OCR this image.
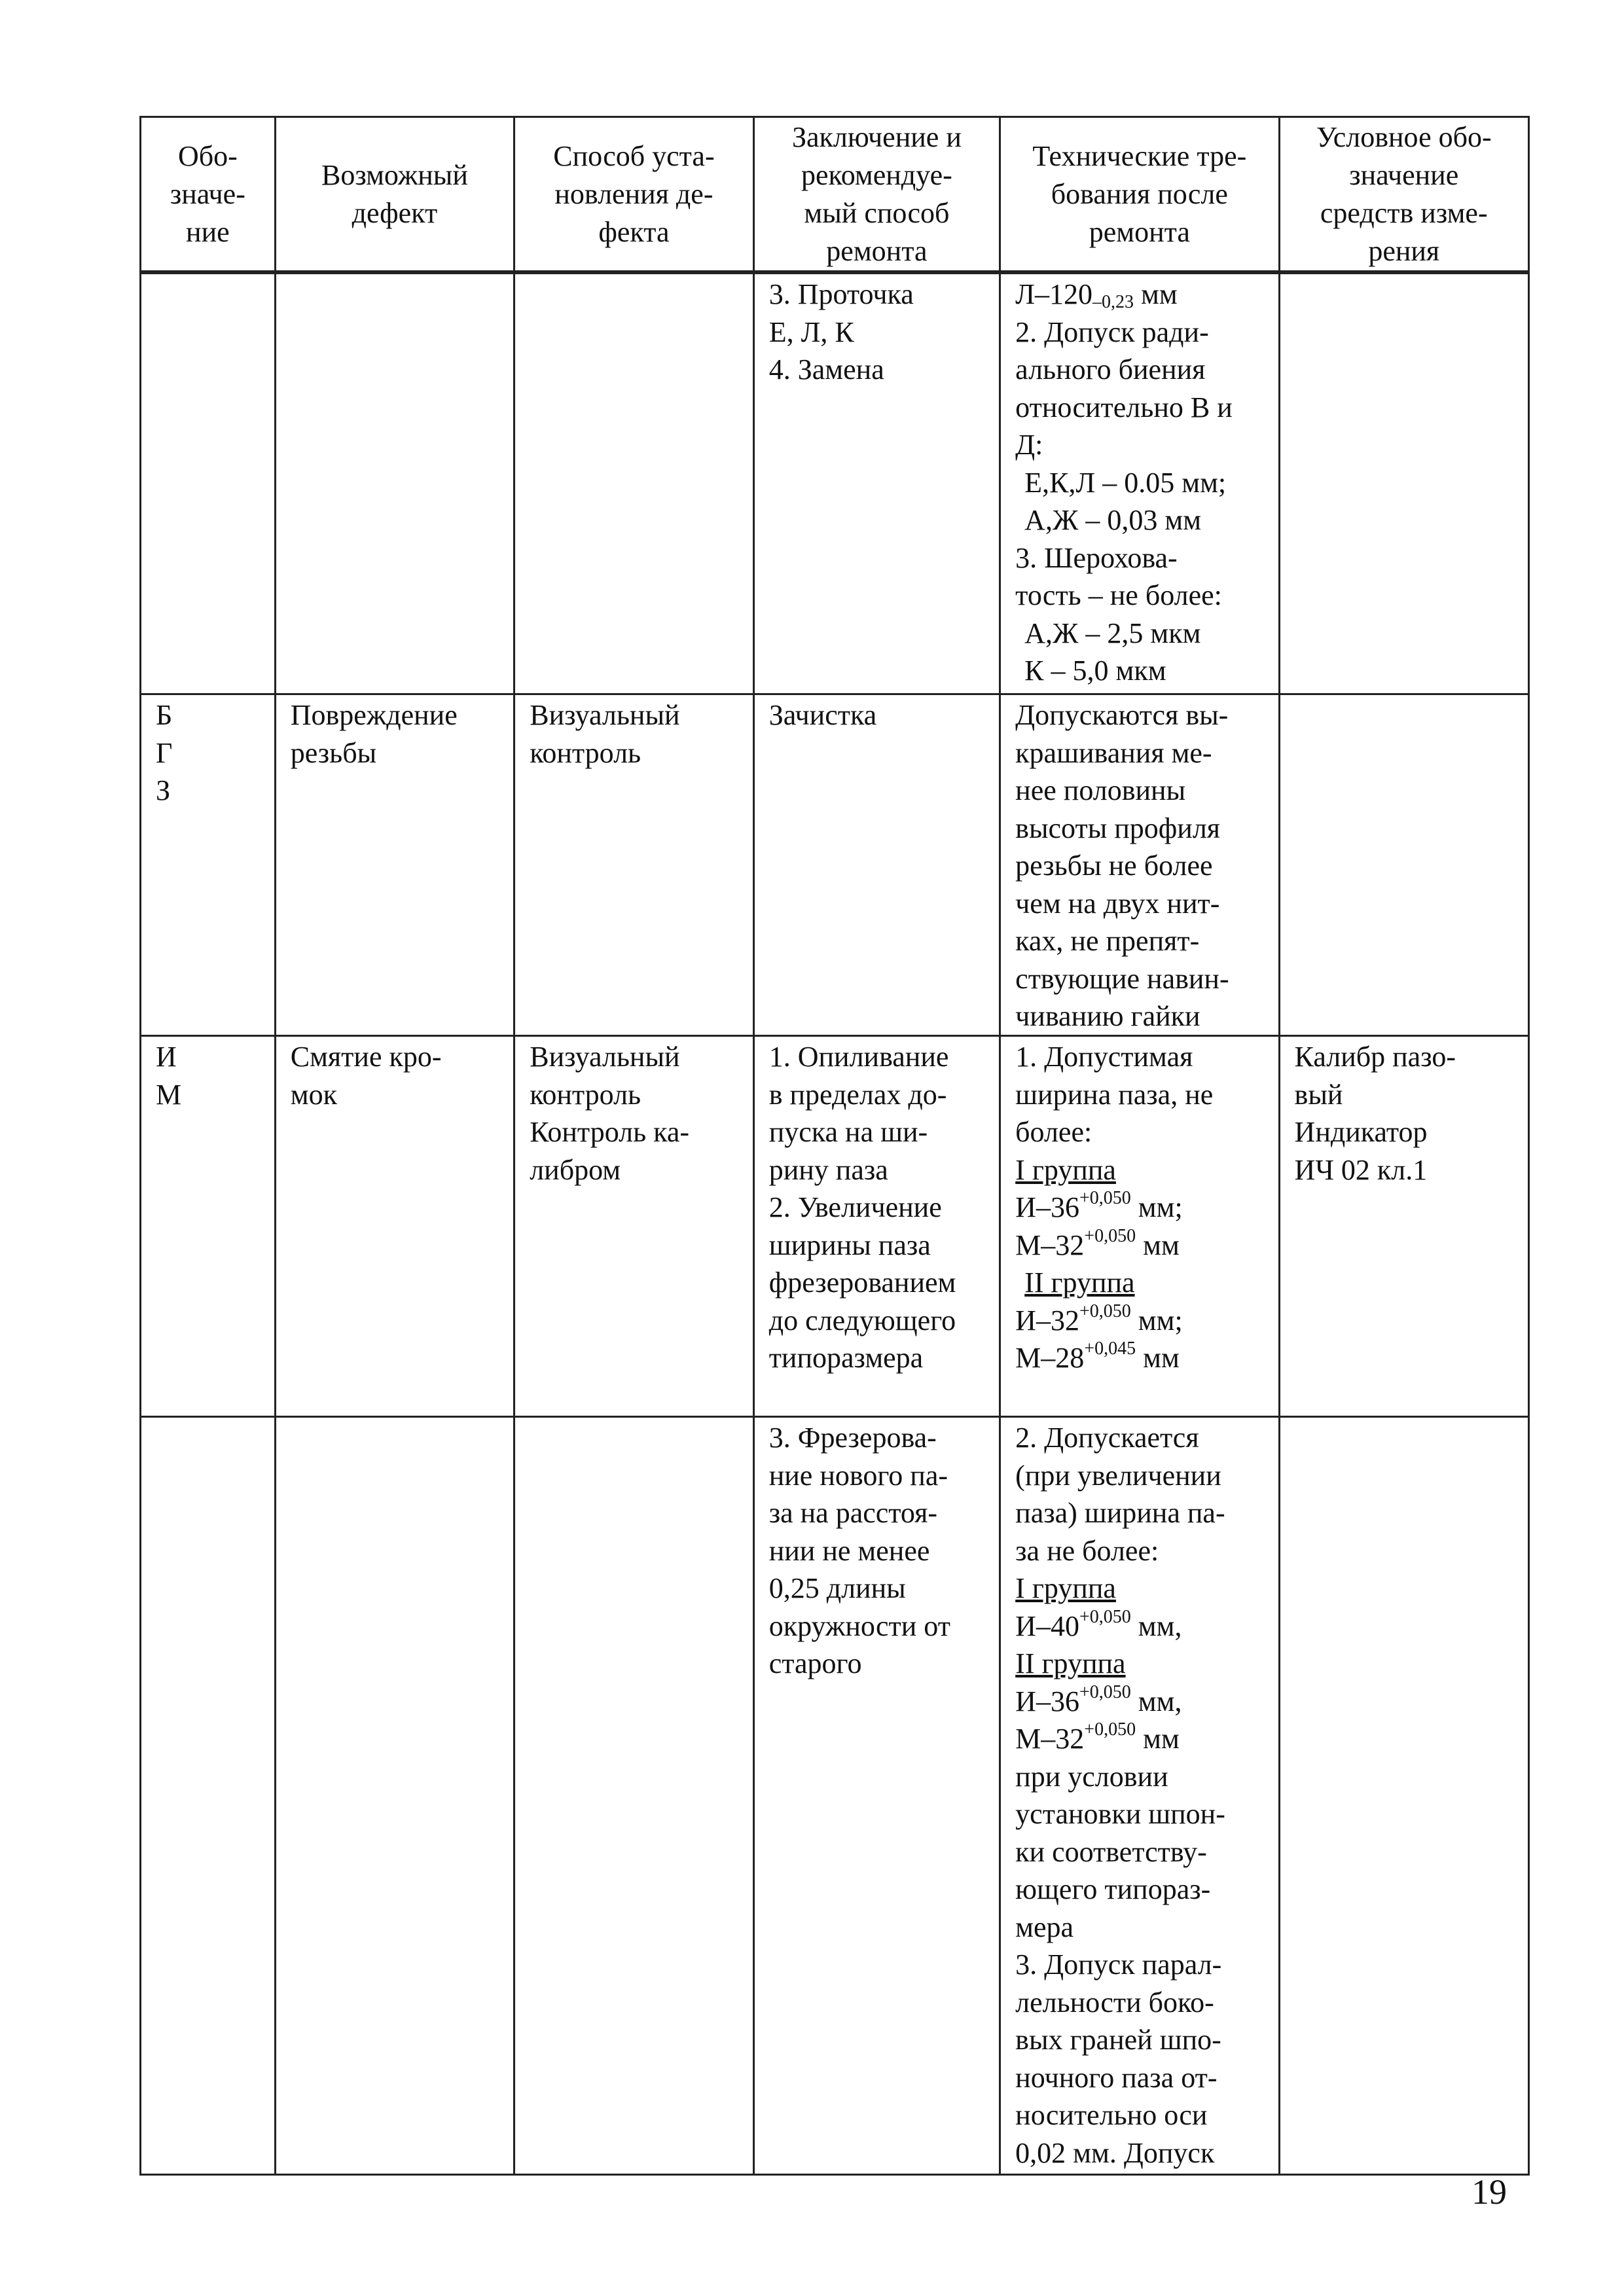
Обо-
значе-
ние
Возможный
дефект
Способ уста-
новления де-
фекта
Заключение и
рекомендуе-
мый способ
ремонта
Технические тре-
бования после
ремонта
Условное обо-
значение
средств изме-
рения
3. Проточка
Е, Л, К
4. Замена
$Л-120_{-0,23}$ мм
2. Допуск ради-
ального биения
относительно В и
Д:
Е,К,Л – 0.05 мм;
А,Ж – 0,03 мм
3. Шерохова-
тость – не более:
А,Ж – 2,5 мкм
К – 5,0 мкм
Б
Г
З
Повреждение
резьбы
Визуальный
контроль
Зачистка	Допускаются вы-
крашивания ме-
нее половины
высоты профиля
резьбы не более
чем на двух нит-
ках, не препят-
ствующие навин-
чиванию гайки
И
М
Смятие кро-
мок
Визуальный
контроль
Контроль ка-
либром
1. Опиливание
в пределах до-
пуска на ши-
рину паза
2. Увеличение
ширины паза
фрезерованием
до следующего
типоразмера
1. Допустимая
ширина паза, не
более:
I группа
$И-36^{+0,050}$ мм;
$М-32^{+0,050}$ мм
II группа
$И-32^{+0,050}$ мм;
$М-28^{+0,045}$ мм
Калибр пазо-
вый
Индикатор
ИЧ 02 кл.1
3. Фрезерова-
ние нового па-
за на расстоя-
нии не менее
0,25 длины
окружности от
старого
2. Допускается
(при увеличении
паза) ширина па-
за не более:
I группа
$И-40^{+0,050}$ мм,
II группа
$И-36^{+0,050}$ мм,
$М-32^{+0,050}$ мм
при условии
установки шпон-
ки соответству-
ющего типораз-
мера
3. Допуск парал-
лельности боко-
вых граней шпо-
ночного паза от-
носительно оси
0,02 мм. Допуск
19
